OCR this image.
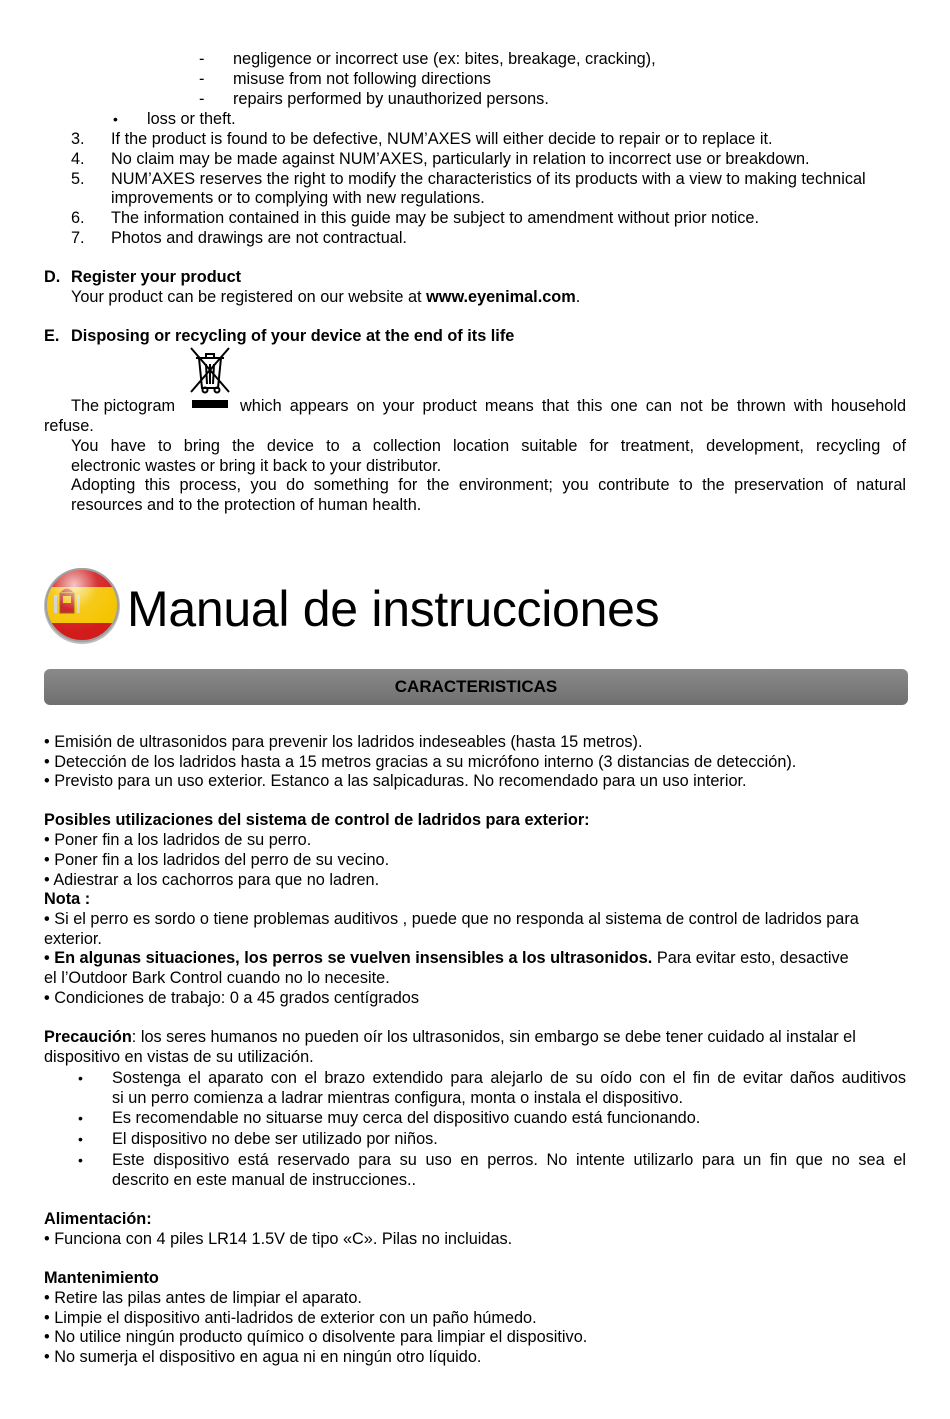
- negligence or incorrect use (ex: bites, breakage, cracking),
- misuse from not following directions
- repairs performed by unauthorized persons.
• loss or theft.
3. If the product is found to be defective, NUM’AXES will either decide to repair or to replace it.
4. No claim may be made against NUM’AXES, particularly in relation to incorrect use or breakdown.
5. NUM’AXES reserves the right to modify the characteristics of its products with a view to making technical
improvements or to complying with new regulations.
6. The information contained in this guide may be subject to amendment without prior notice.
7. Photos and drawings are not contractual.
D. Register your product
Your product can be registered on our website at www.eyenimal.com.
E. Disposing or recycling of your device at the end of its life
The pictogram	which appears on your product means that this one can not be thrown with household
refuse.
You have to bring the device to a collection location suitable for treatment, development, recycling of
electronic wastes or bring it back to your distributor.
Adopting this process, you do something for the environment; you contribute to the preservation of natural
resources and to the protection of human health.
Manual de instrucciones
CARACTERISTICAS
• Emisión de ultrasonidos para prevenir los ladridos indeseables (hasta 15 metros).
• Detección de los ladridos hasta a 15 metros gracias a su micrófono interno (3 distancias de detección).
• Previsto para un uso exterior. Estanco a las salpicaduras. No recomendado para un uso interior.
Posibles utilizaciones del sistema de control de ladridos para exterior:
• Poner fin a los ladridos de su perro.
• Poner fin a los ladridos del perro de su vecino.
• Adiestrar a los cachorros para que no ladren.
Nota :
• Si el perro es sordo o tiene problemas auditivos , puede que no responda al sistema de control de ladridos para
exterior.
• En algunas situaciones, los perros se vuelven insensibles a los ultrasonidos. Para evitar esto, desactive
el l’Outdoor Bark Control cuando no lo necesite.
• Condiciones de trabajo: 0 a 45 grados centígrados
Precaución: los seres humanos no pueden oír los ultrasonidos, sin embargo se debe tener cuidado al instalar el
dispositivo en vistas de su utilización.
• Sostenga el aparato con el brazo extendido para alejarlo de su oído con el fin de evitar daños auditivos
si un perro comienza a ladrar mientras configura, monta o instala el dispositivo.
• Es recomendable no situarse muy cerca del dispositivo cuando está funcionando.
• El dispositivo no debe ser utilizado por niños.
• Este dispositivo está reservado para su uso en perros. No intente utilizarlo para un fin que no sea el
descrito en este manual de instrucciones..
Alimentación:
• Funciona con 4 piles LR14 1.5V de tipo «C». Pilas no incluidas.
Mantenimiento
• Retire las pilas antes de limpiar el aparato.
• Limpie el dispositivo anti-ladridos de exterior con un paño húmedo.
• No utilice ningún producto químico o disolvente para limpiar el dispositivo.
• No sumerja el dispositivo en agua ni en ningún otro líquido.
